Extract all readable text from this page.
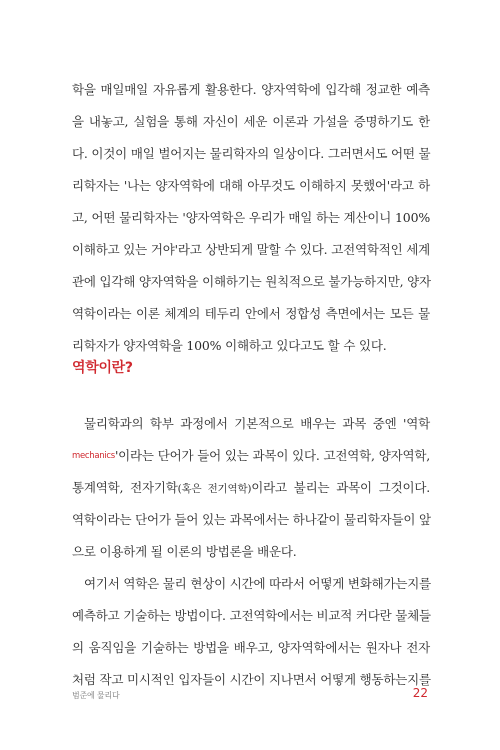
학을 매일매일 자유롭게 활용한다. 양자역학에 입각해 정교한 예측
을 내놓고, 실험을 통해 자신이 세운 이론과 가설을 증명하기도 한
다. 이것이 매일 벌어지는 물리학자의 일상이다. 그러면서도 어떤 물
리학자는 '나는 양자역학에 대해 아무것도 이해하지 못했어'라고 하
고, 어떤 물리학자는 '양자역학은 우리가 매일 하는 계산이니 100%
이해하고 있는 거야'라고 상반되게 말할 수 있다. 고전역학적인 세계
관에 입각해 양자역학을 이해하기는 원칙적으로 불가능하지만, 양자
역학이라는 이론 체계의 테두리 안에서 정합성 측면에서는 모든 물
리학자가 양자역학을 100% 이해하고 있다고도 할 수 있다.
역학이란?
물리학과의 학부 과정에서 기본적으로 배우는 과목 중엔 '역학
mechanics'이라는 단어가 들어 있는 과목이 있다. 고전역학, 양자역학,
통계역학, 전자기학(혹은 전기역학)이라고 불리는 과목이 그것이다.
역학이라는 단어가 들어 있는 과목에서는 하나같이 물리학자들이 앞
으로 이용하게 될 이론의 방법론을 배운다.
여기서 역학은 물리 현상이 시간에 따라서 어떻게 변화해가는지를
예측하고 기술하는 방법이다. 고전역학에서는 비교적 커다란 물체들
의 움직임을 기술하는 방법을 배우고, 양자역학에서는 원자나 전자
처럼 작고 미시적인 입자들이 시간이 지나면서 어떻게 행동하는지를
범준에 물리다	22
